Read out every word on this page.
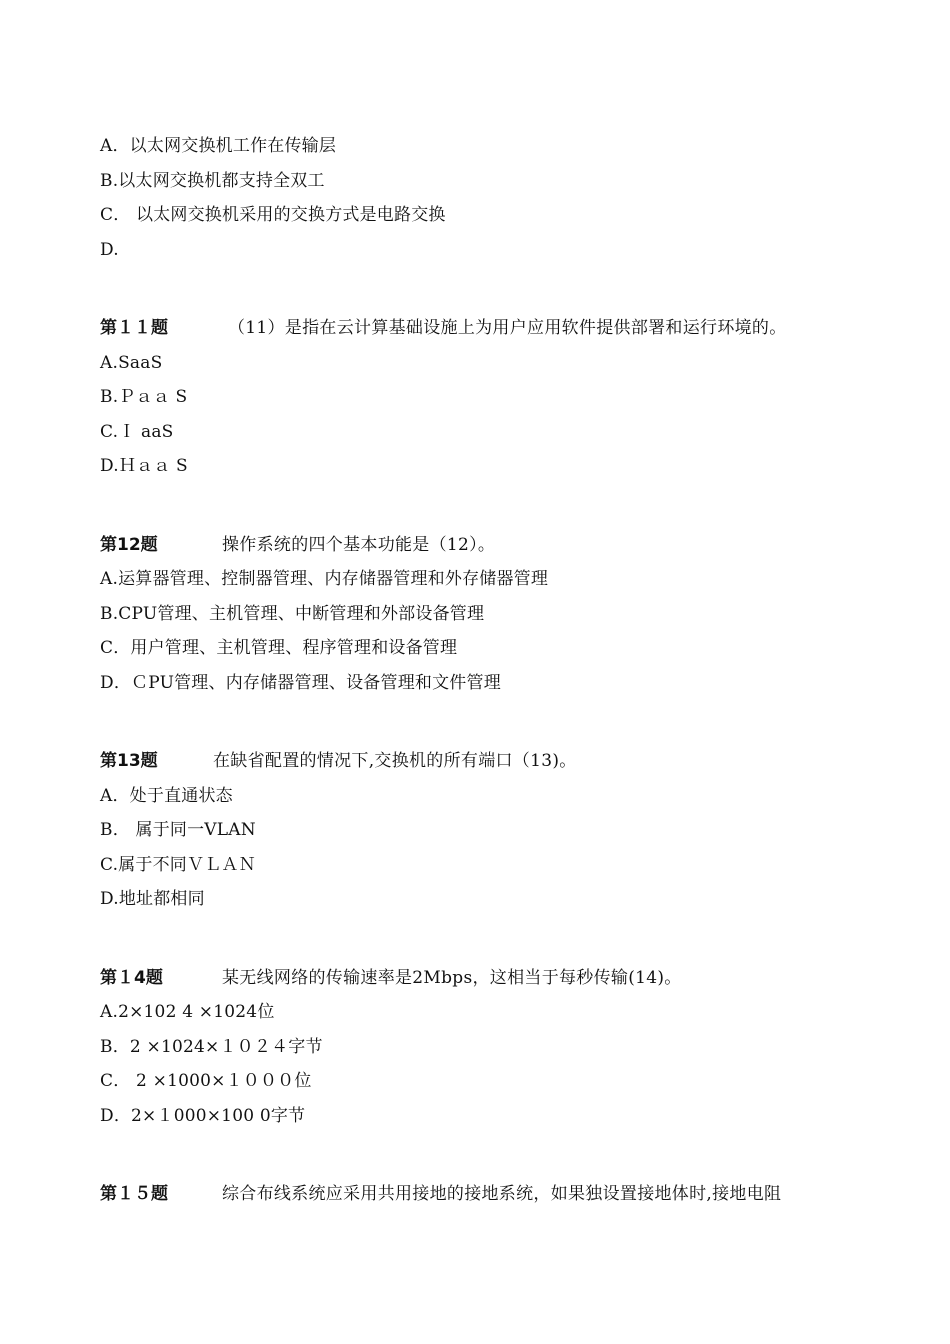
A．以太网交换机工作在传输层
B.以太网交换机都支持全双工
C． 以太网交换机采用的交换方式是电路交换
D.
第１１题	（11）是指在云计算基础设施上为用户应用软件提供部署和运行环境的。
A.SaaS
B.Ｐａａ S
C.Ｉ aaS
D.Ｈａａ S
第12题	操作系统的四个基本功能是（12）。
A.运算器管理、控制器管理、内存储器管理和外存储器管理
B.CPU管理、主机管理、中断管理和外部设备管理
C．用户管理、主机管理、程序管理和设备管理
D．ＣPU管理、内存储器管理、设备管理和文件管理
第13题	在缺省配置的情况下,交换机的所有端口（13)。
A．处于直通状态
B． 属于同一VLAN
C.属于不同ＶＬＡＮ
D.地址都相同
第１4题	某无线网络的传输速率是2Mbps，这相当于每秒传输(14)。
A.2×102 4 ×1024位
B．2 ×1024×１０２４字节
C． 2 ×1000×１０００位
D．2×１000×100 0字节
第１５题	综合布线系统应采用共用接地的接地系统，如果独设置接地体时,接地电阻
